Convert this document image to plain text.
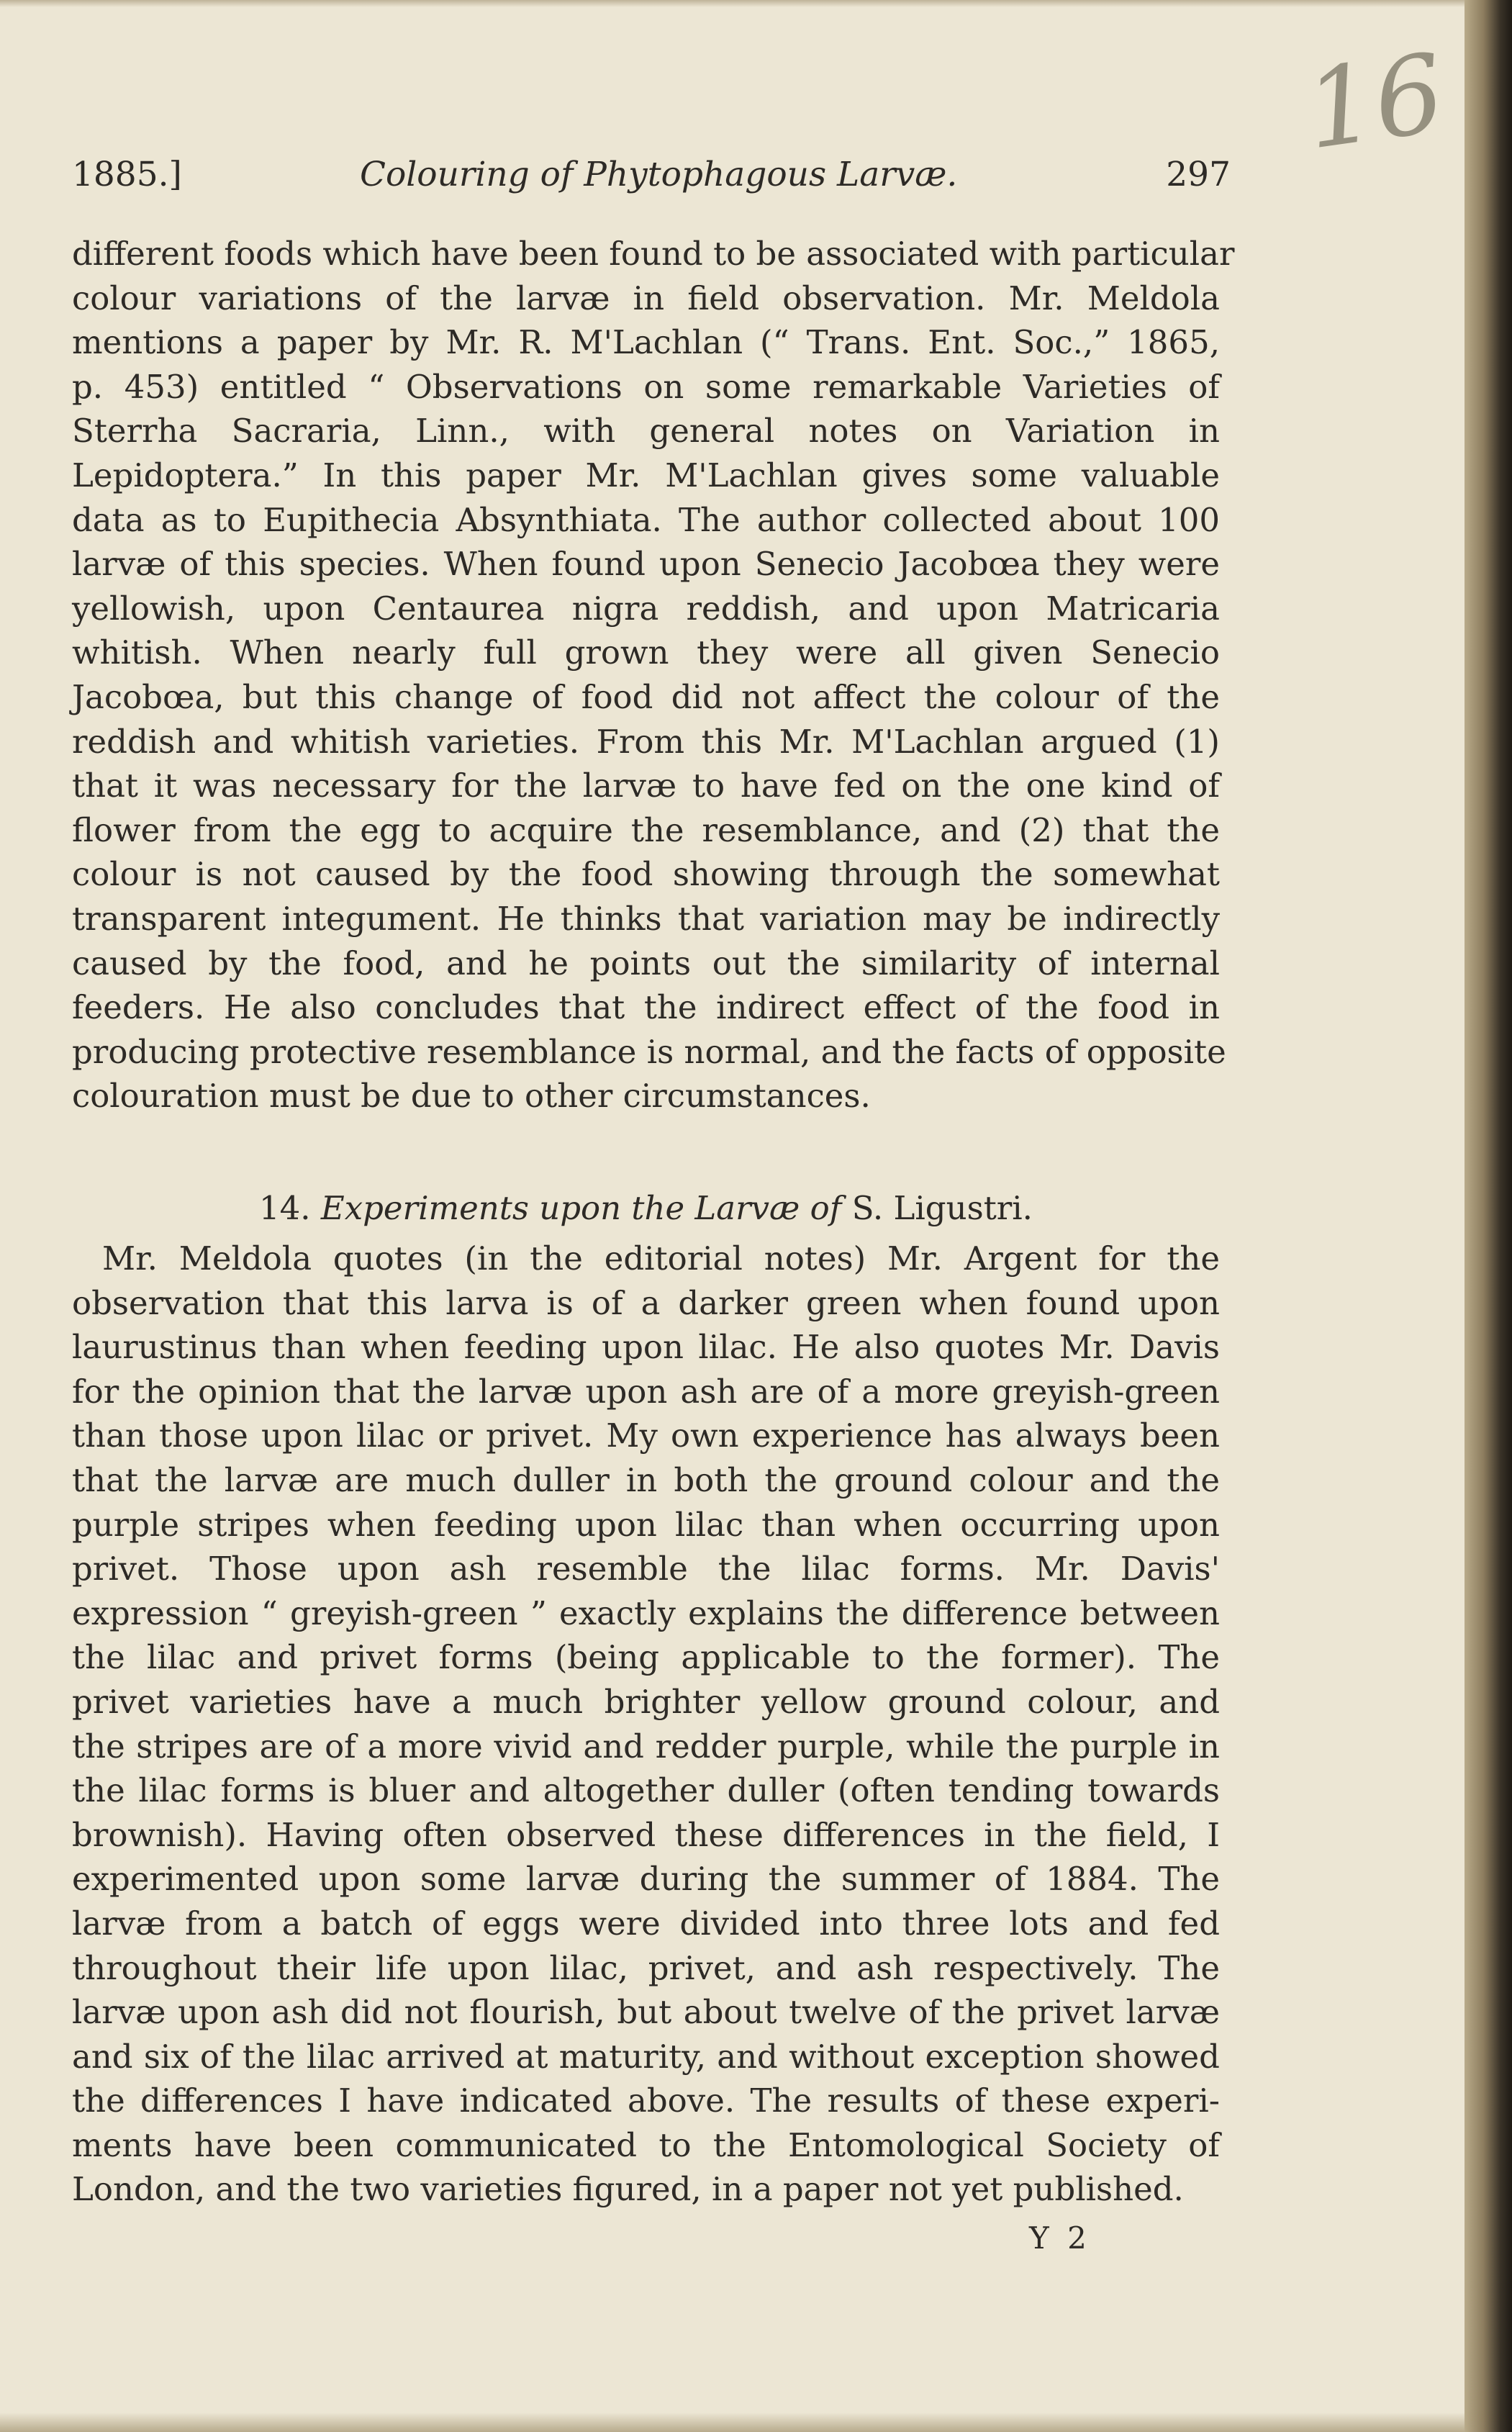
1885.]	Colouring of Phytophagous Larvæ.	297
16
different foods which have been found to be associated with particular
colour variations of the larvæ in field observation. Mr. Meldola
mentions a paper by Mr. R. M'Lachlan (“ Trans. Ent. Soc.,” 1865,
p. 453) entitled “ Observations on some remarkable Varieties of
Sterrha Sacraria, Linn., with general notes on Variation in
Lepidoptera.” In this paper Mr. M'Lachlan gives some valuable
data as to Eupithecia Absynthiata. The author collected about 100
larvæ of this species. When found upon Senecio Jacobœa they were
yellowish, upon Centaurea nigra reddish, and upon Matricaria
whitish. When nearly full grown they were all given Senecio
Jacobœa, but this change of food did not affect the colour of the
reddish and whitish varieties. From this Mr. M'Lachlan argued (1)
that it was necessary for the larvæ to have fed on the one kind of
flower from the egg to acquire the resemblance, and (2) that the
colour is not caused by the food showing through the somewhat
transparent integument. He thinks that variation may be indirectly
caused by the food, and he points out the similarity of internal
feeders. He also concludes that the indirect effect of the food in
producing protective resemblance is normal, and the facts of opposite
colouration must be due to other circumstances.
14. Experiments upon the Larvæ of S. Ligustri.
Mr. Meldola quotes (in the editorial notes) Mr. Argent for the
observation that this larva is of a darker green when found upon
laurustinus than when feeding upon lilac. He also quotes Mr. Davis
for the opinion that the larvæ upon ash are of a more greyish-green
than those upon lilac or privet. My own experience has always been
that the larvæ are much duller in both the ground colour and the
purple stripes when feeding upon lilac than when occurring upon
privet. Those upon ash resemble the lilac forms. Mr. Davis'
expression “ greyish-green ” exactly explains the difference between
the lilac and privet forms (being applicable to the former). The
privet varieties have a much brighter yellow ground colour, and
the stripes are of a more vivid and redder purple, while the purple in
the lilac forms is bluer and altogether duller (often tending towards
brownish). Having often observed these differences in the field, I
experimented upon some larvæ during the summer of 1884. The
larvæ from a batch of eggs were divided into three lots and fed
throughout their life upon lilac, privet, and ash respectively. The
larvæ upon ash did not flourish, but about twelve of the privet larvæ
and six of the lilac arrived at maturity, and without exception showed
the differences I have indicated above. The results of these experi-
ments have been communicated to the Entomological Society of
London, and the two varieties figured, in a paper not yet published.
Y 2
